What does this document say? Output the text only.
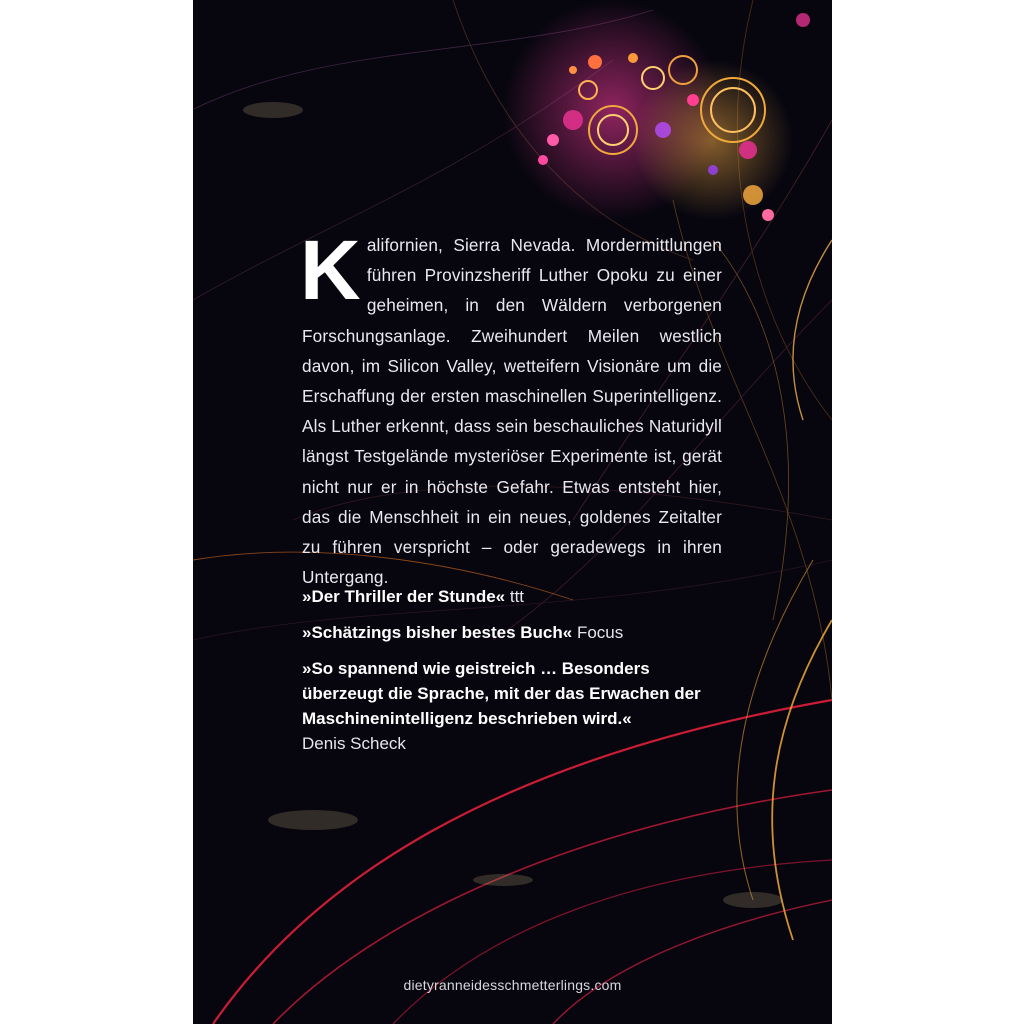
Kalifornien, Sierra Nevada. Mordermittlungen führen Provinzsheriff Luther Opoku zu einer geheimen, in den Wäldern verborgenen Forschungsanlage. Zweihundert Meilen westlich davon, im Silicon Valley, wetteifern Visionäre um die Erschaffung der ersten maschinellen Superintelligenz. Als Luther erkennt, dass sein beschauliches Naturidyll längst Testgelände mysteriöser Experimente ist, gerät nicht nur er in höchste Gefahr. Etwas entsteht hier, das die Menschheit in ein neues, goldenes Zeitalter zu führen verspricht – oder geradewegs in ihren Untergang.

»Der Thriller der Stunde« ttt

»Schätzings bisher bestes Buch« Focus

»So spannend wie geistreich … Besonders überzeugt die Sprache, mit der das Erwachen der Maschinenintelligenz beschrieben wird.«
Denis Scheck

dietyranneidesschmetterlings.com
